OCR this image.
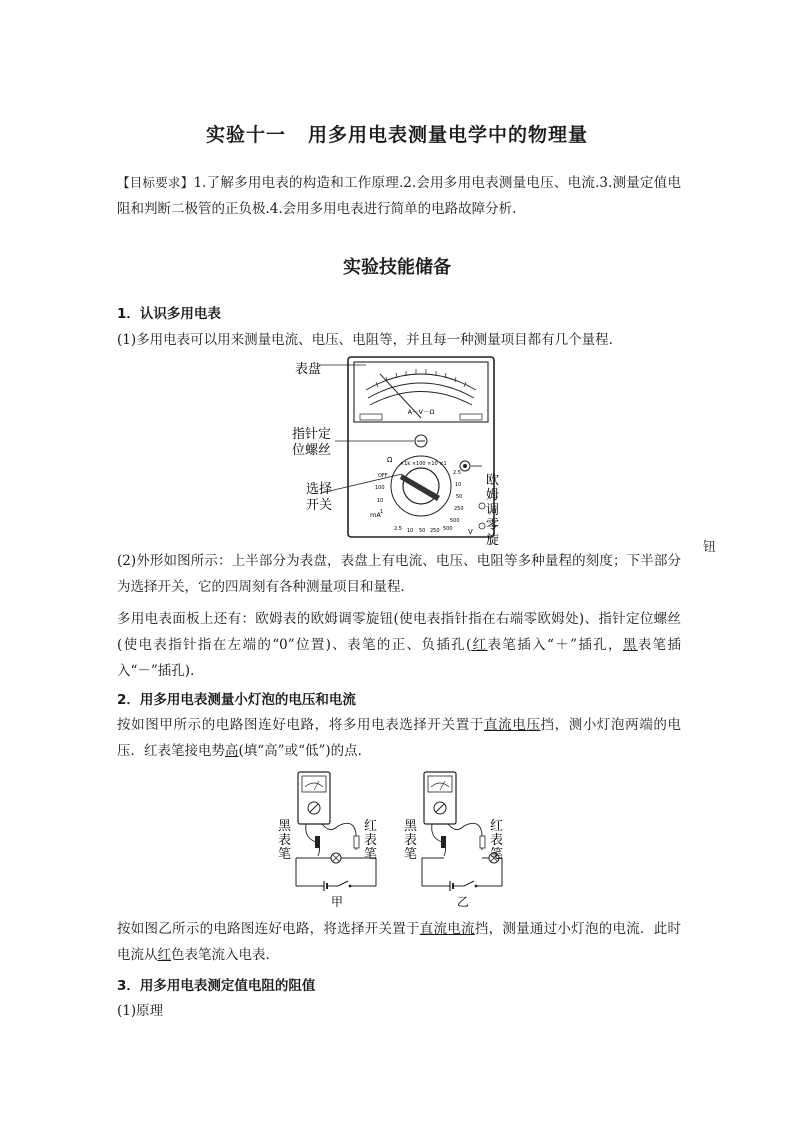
实验十一 用多用电表测量电学中的物理量
【目标要求】1.了解多用电表的构造和工作原理.2.会用多用电表测量电压、电流.3.测量定值电阻和判断二极管的正负极.4.会用多用电表进行简单的电路故障分析.
实验技能储备
1．认识多用电表
(1)多用电表可以用来测量电流、电压、电阻等，并且每一种测量项目都有几个量程．
A－V－Ω
Ω ×1k ×100 ×10 ×1
OFF
mA
V
100
10
1
2.5
10
50
250
500
2.5 10 50 250 500
表盘
指针定
位螺丝
选择
开关
欧
姆
调
零
旋	钮
(2)外形如图所示：上半部分为表盘，表盘上有电流、电压、电阻等多种量程的刻度；下半部分为选择开关，它的四周刻有各种测量项目和量程．
多用电表面板上还有：欧姆表的欧姆调零旋钮(使电表指针指在右端零欧姆处)、指针定位螺丝(使电表指针指在左端的“0”位置)、表笔的正、负插孔(红表笔插入“＋”插孔，黑表笔插入“－”插孔)．
2．用多用电表测量小灯泡的电压和电流
按如图甲所示的电路图连好电路，将多用电表选择开关置于直流电压挡，测小灯泡两端的电压．红表笔接电势高(填“高”或“低”)的点．
黑
表
笔
红
表
笔
甲
黑
表
笔
红
表
笔
乙
按如图乙所示的电路图连好电路，将选择开关置于直流电流挡，测量通过小灯泡的电流．此时电流从红色表笔流入电表．
3．用多用电表测定值电阻的阻值
(1)原理
